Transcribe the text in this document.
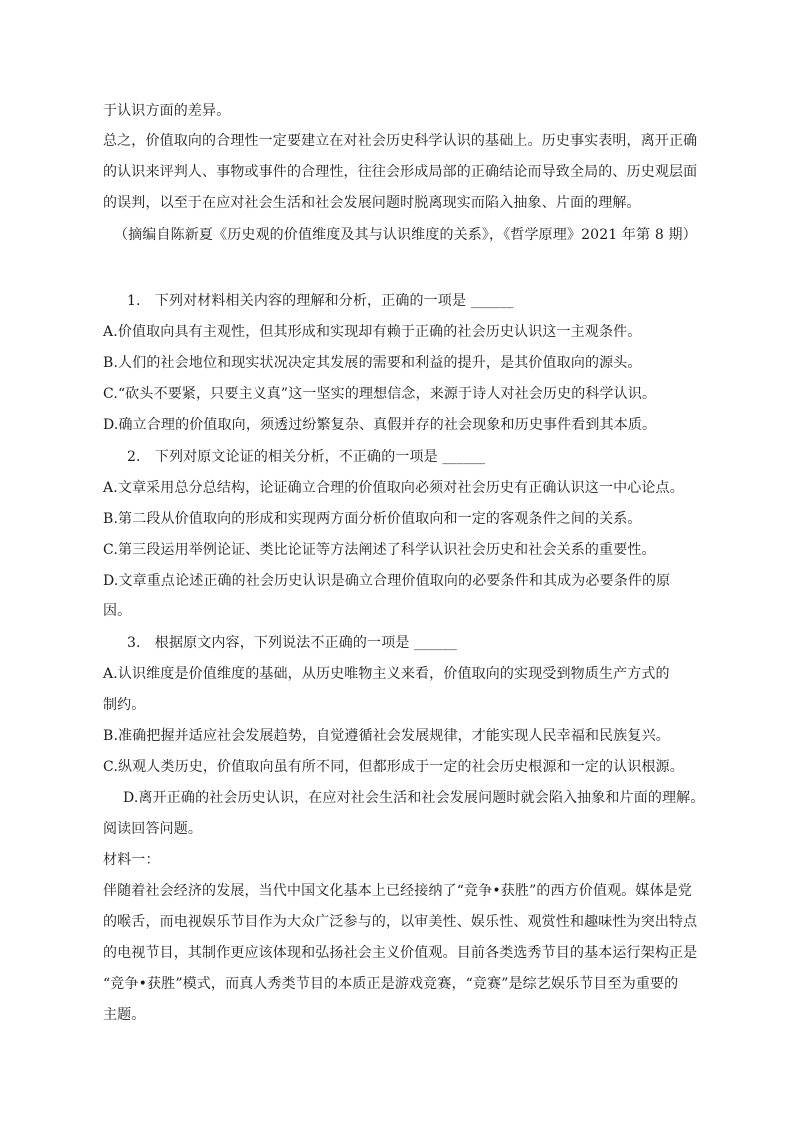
于认识方面的差异。
总之，价值取向的合理性一定要建立在对社会历史科学认识的基础上。历史事实表明，离开正确
的认识来评判人、事物或事件的合理性，往往会形成局部的正确结论而导致全局的、历史观层面
的误判，以至于在应对社会生活和社会发展问题时脱离现实而陷入抽象、片面的理解。
（摘编自陈新夏《历史观的价值维度及其与认识维度的关系》，《哲学原理》2021 年第 8 期）
1.　下列对材料相关内容的理解和分析，正确的一项是 ______
A.价值取向具有主观性，但其形成和实现却有赖于正确的社会历史认识这一主观条件。
B.人们的社会地位和现实状况决定其发展的需要和利益的提升，是其价值取向的源头。
C.“砍头不要紧，只要主义真”这一坚实的理想信念，来源于诗人对社会历史的科学认识。
D.确立合理的价值取向，须透过纷繁复杂、真假并存的社会现象和历史事件看到其本质。
2.　下列对原文论证的相关分析，不正确的一项是 ______
A.文章采用总分总结构，论证确立合理的价值取向必须对社会历史有正确认识这一中心论点。
B.第二段从价值取向的形成和实现两方面分析价值取向和一定的客观条件之间的关系。
C.第三段运用举例论证、类比论证等方法阐述了科学认识社会历史和社会关系的重要性。
D.文章重点论述正确的社会历史认识是确立合理价值取向的必要条件和其成为必要条件的原
因。
3.　根据原文内容，下列说法不正确的一项是 ______
A.认识维度是价值维度的基础，从历史唯物主义来看，价值取向的实现受到物质生产方式的
制约。
B.准确把握并适应社会发展趋势，自觉遵循社会发展规律，才能实现人民幸福和民族复兴。
C.纵观人类历史，价值取向虽有所不同，但都形成于一定的社会历史根源和一定的认识根源。
D.离开正确的社会历史认识，在应对社会生活和社会发展问题时就会陷入抽象和片面的理解。
阅读回答问题。
材料一：
伴随着社会经济的发展，当代中国文化基本上已经接纳了“竞争•获胜”的西方价值观。媒体是党
的喉舌，而电视娱乐节目作为大众广泛参与的，以审美性、娱乐性、观赏性和趣味性为突出特点
的电视节目，其制作更应该体现和弘扬社会主义价值观。目前各类选秀节目的基本运行架构正是
“竞争•获胜”模式，而真人秀类节目的本质正是游戏竞赛，“竞赛”是综艺娱乐节目至为重要的
主题。
